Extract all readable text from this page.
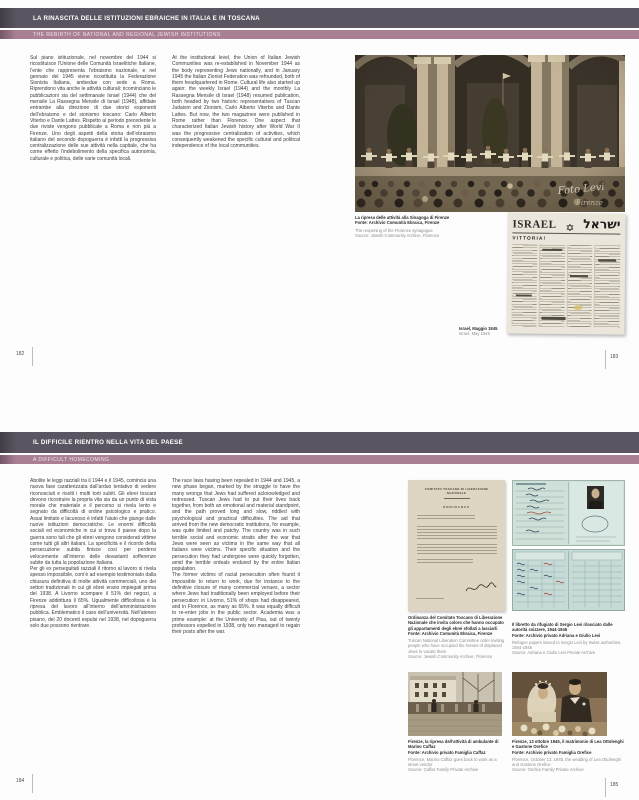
LA RINASCITA DELLE ISTITUZIONI EBRAICHE IN ITALIA E IN TOSCANA
THE REBIRTH OF NATIONAL AND REGIONAL JEWISH INSTITUTIONS
Sul piano istituzionale, nel novembre del 1944 si ricostituisce l’Unione delle Comunità Israelitiche Italiane, l’ente che rappresenta l’ebraismo nazionale, e nel gennaio del 1945 viene ricostituita la Federazione Sionista Italiana, ambedue con sede a Roma. Riprendono vita anche le attività culturali: ricominciano le pubblicazioni sia del settimanale Israel (1944) che del mensile La Rassegna Mensile di Israel (1948), affidate entrambe alla direzione di due storici esponenti dell’ebraismo e del sionismo toscano: Carlo Alberto Viterbo e Dante Lattes. Rispetto al periodo precedente le due riviste vengono pubblicate a Roma e non più a Firenze. Uno degli aspetti della storia dell’ebraismo italiano del secondo dopoguerra è infatti la progressiva centralizzazione delle sue attività nella capitale, che ha come effetto l’indebolimento della specifica autonomia, culturale e politica, delle varie comunità locali.
At the institutional level, the Union of Italian Jewish Communities was re-established in November 1944 as the body representing Jews nationally, and in January 1945 the Italian Zionist Federation was refounded, both of them headquartered in Rome. Cultural life also started up again: the weekly Israel (1944) and the monthly La Rassegna Mensile di Israel (1948) resumed publication, both headed by two historic representatives of Tuscan Judaism and Zionism, Carlo Alberto Viterbo and Dante Lattes. But now, the two magazines were published in Rome rather than Florence. One aspect that characterized Italian Jewish history after World War II was the progressive centralization of activities, which consequently weakened the specific cultural and political independence of the local communities.
La ripresa delle attività alla Sinagoga di Firenze
Fonte: Archivio Comunità Ebraica, Firenze
The reopening of the Florence synagogue
Source: Jewish Community Archive, Florence
ISRAEL ישראל
VITTORIA!
Israel, Maggio 1945
Israel, May 1945
182	183
IL DIFFICILE RIENTRO NELLA VITA DEL PAESE
A DIFFICULT HOMECOMING
Abolite le leggi razziali tra il 1944 e il 1945, comincia una nuova fase caratterizzata dall’arduo tentativo di vedere riconosciuti e risolti i molti torti subiti. Gli ebrei toscani devono ricostruire la propria vita sia da un punto di vista morale che materiale e il percorso si rivela lento e segnato da difficoltà di ordine psicologico e pratico. Assai limitato e lacunoso è infatti l’aiuto che giunge dalle nuove istituzioni democratiche. Le enormi difficoltà sociali ed economiche in cui si trova il paese dopo la guerra sono tali che gli ebrei vengono considerati vittime come tutti gli altri italiani. La specificità e il ricordo della persecuzione subita finisce così per perdersi velocemente all’interno delle devastanti sofferenze subite da tutta la popolazione italiana.
Per gli ex perseguitati razziali il ritorno al lavoro si rivela spesso impossibile, com’è ad esempio testimoniato dalla chiusura definitiva di molte attività commerciali, uno dei settori tradizionali in cui gli ebrei erano impiegati prima del 1938. A Livorno scompare il 51% dei negozi, a Firenze addirittura il 65%. Ugualmente difficoltosa è la ripresa del lavoro all’interno dell’amministrazione pubblica. Emblematico il caso dell’università. Nell’ateneo pisano, dei 20 docenti espulsi nel 1938, nel dopoguerra solo due possono rientrare.
The race laws having been repealed in 1944 and 1945, a new phase began, marked by the struggle to have the many wrongs that Jews had suffered acknowledged and redressed. Tuscan Jews had to put their lives back together, from both an emotional and material standpoint, and the path proved long and slow, riddled with psychological and practical difficulties. The aid that arrived from the new democratic institutions, for example, was quite limited and patchy. The country was in such terrible social and economic straits after the war that Jews were seen as victims in the same way that all Italians were victims. Their specific situation and the persecution they had undergone were quickly forgotten, amid the terrible ordeals endured by the entire Italian population.
The former victims of racial persecution often found it impossible to return to work, due for instance to the definitive closure of many commercial venues, a sector where Jews had traditionally been employed before their persecution: in Livorno, 51% of shops had disappeared, and in Florence, as many as 65%. It was equally difficult to re-enter jobs in the public sector. Academia was a prime example: at the University of Pisa, out of twenty professors expelled in 1938, only two managed to regain their posts after the war.
COMITATO TOSCANO DI LIBERAZIONE NAZIONALE
ORDINANZA
Ordinanza del Comitato Toscano di Liberazione Nazionale che invita coloro che hanno occupato gli appartamenti degli ebrei sfollati a lasciarli
Fonte: Archivio Comunità Ebraica, Firenze
Tuscan National Liberation Committee order inviting people who have occupied the homes of displaced Jews to vacate them
Source: Jewish Community Archive, Florence
Il libretto da rifugiato di Sergio Levi rilasciato dalle autorità svizzere, 1944-1945
Fonte: Archivio privato Adriana e Giulio Levi
Refugee papers issued to Sergio Levi by Swiss authorities, 1944-1945
Source: Adriana e Giulio Levi Private Archive
Firenze, la ripresa dell’attività di ambulante di Marino Caffaz
Fonte: Archivio privato Famiglia Caffaz
Florence, Marino Caffaz goes back to work as a street vendor
Source: Caffaz Family Private Archive
Firenze, 13 ottobre 1945, il matrimonio di Lea Ottolenghi e Gastone Orefice
Fonte: Archivio privato Famiglia Orefice
Florence, October 13, 1945, the wedding of Lea Ottolenghi and Gastone Orefice
Source: Orefice Family Private Archive
184
185
